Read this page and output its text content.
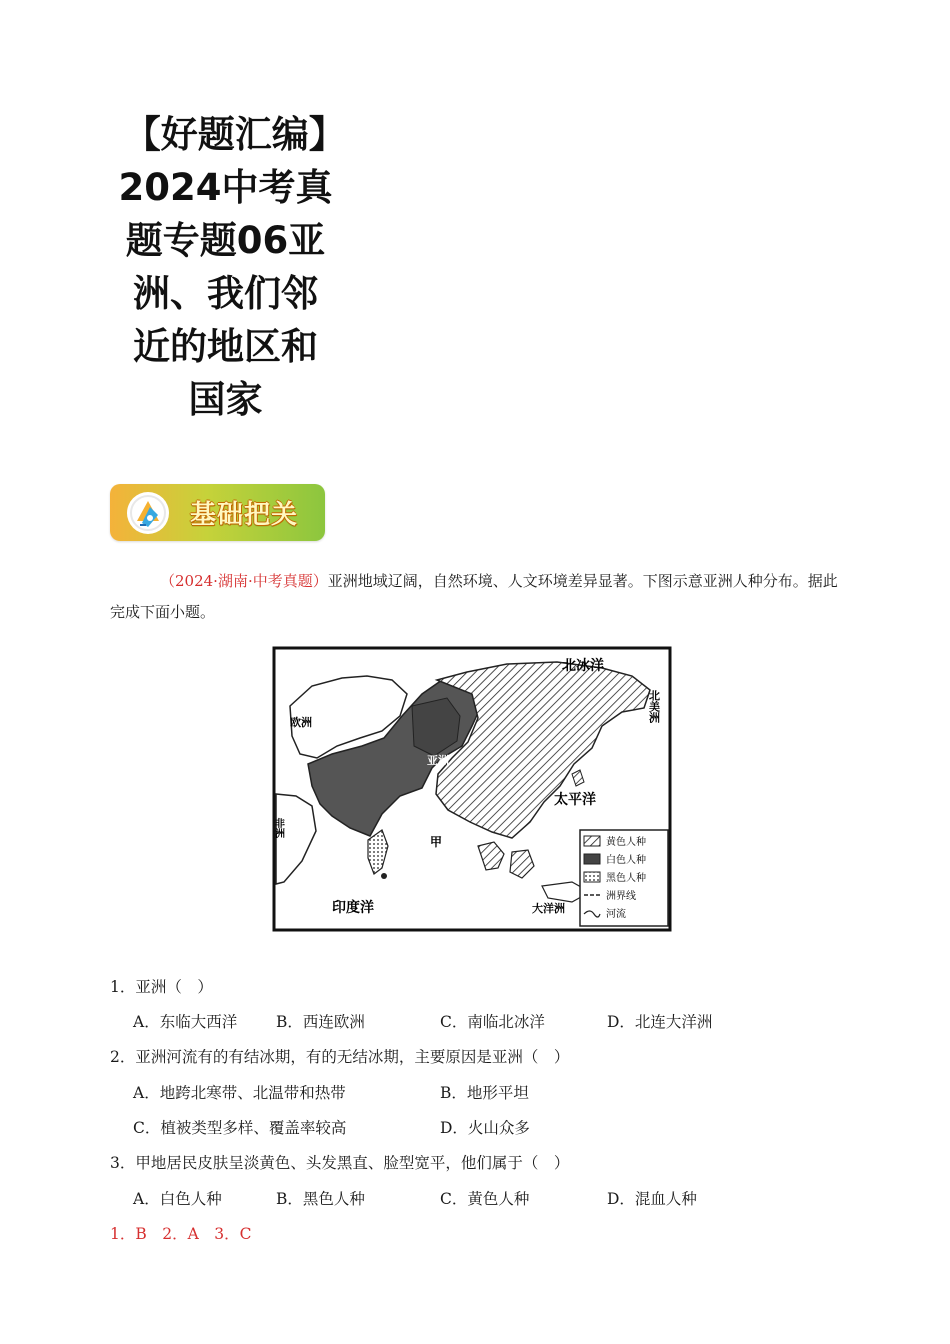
【好题汇编】2024中考真题专题06亚洲、我们邻近的地区和国家
基础把关
（2024·湖南·中考真题）亚洲地域辽阔，自然环境、人文环境差异显著。下图示意亚洲人种分布。据此完成下面小题。
北冰洋
欧洲
亚洲
太平洋
印度洋	大洋洲
甲
北美洲
非洲
黄色人种
白色人种
黑色人种
洲界线
河流
1．亚洲（　）
A．东临大西洋	B．西连欧洲	C．南临北冰洋	D．北连大洋洲
2．亚洲河流有的有结冰期，有的无结冰期，主要原因是亚洲（　）
A．地跨北寒带、北温带和热带	B．地形平坦
C．植被类型多样、覆盖率较高	D．火山众多
3．甲地居民皮肤呈淡黄色、头发黑直、脸型宽平，他们属于（　）
A．白色人种	B．黑色人种	C．黄色人种	D．混血人种
1．B　2．A　3．C
